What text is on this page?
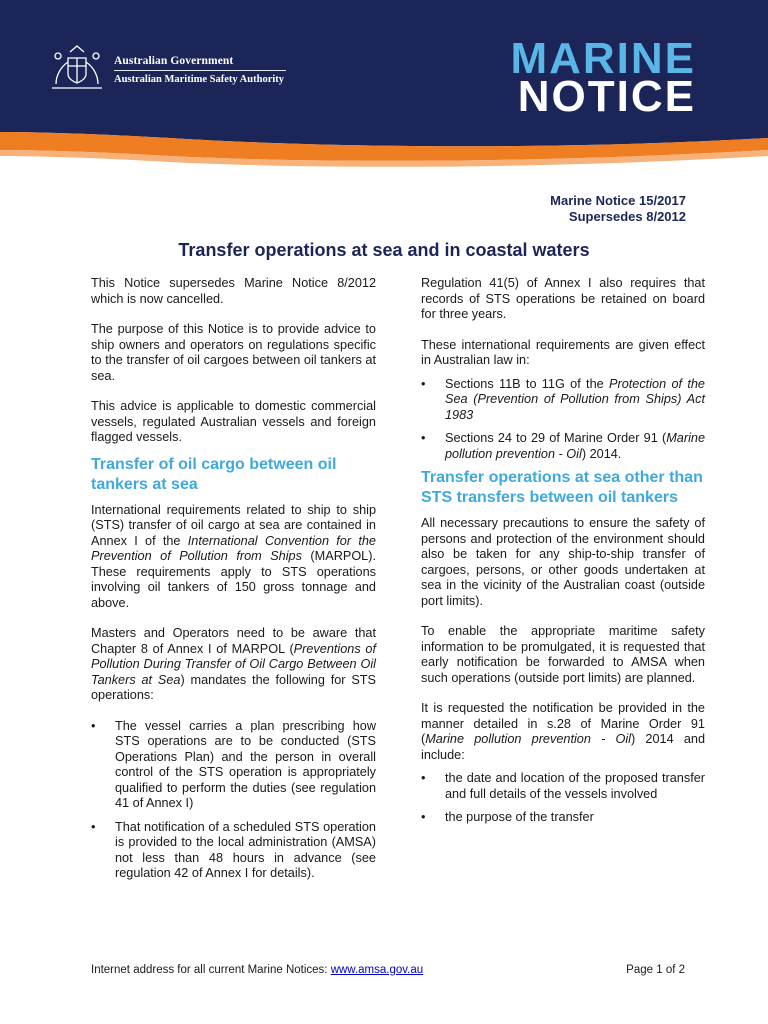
Australian Government
Australian Maritime Safety Authority	MARINE
NOTICE
Marine Notice 15/2017
Supersedes 8/2012
Transfer operations at sea and in coastal waters

This Notice supersedes Marine Notice 8/2012 which is now cancelled.

The purpose of this Notice is to provide advice to ship owners and operators on regulations specific to the transfer of oil cargoes between oil tankers at sea.

This advice is applicable to domestic commercial vessels, regulated Australian vessels and foreign flagged vessels.

Transfer of oil cargo between oil tankers at sea

International requirements related to ship to ship (STS) transfer of oil cargo at sea are contained in Annex I of the International Convention for the Prevention of Pollution from Ships (MARPOL). These requirements apply to STS operations involving oil tankers of 150 gross tonnage and above.

Masters and Operators need to be aware that Chapter 8 of Annex I of MARPOL (Preventions of Pollution During Transfer of Oil Cargo Between Oil Tankers at Sea) mandates the following for STS operations:

• The vessel carries a plan prescribing how STS operations are to be conducted (STS Operations Plan) and the person in overall control of the STS operation is appropriately qualified to perform the duties (see regulation 41 of Annex I)
• That notification of a scheduled STS operation is provided to the local administration (AMSA) not less than 48 hours in advance (see regulation 42 of Annex I for details).

Regulation 41(5) of Annex I also requires that records of STS operations be retained on board for three years.

These international requirements are given effect in Australian law in:

• Sections 11B to 11G of the Protection of the Sea (Prevention of Pollution from Ships) Act 1983
• Sections 24 to 29 of Marine Order 91 (Marine pollution prevention - Oil) 2014.
Transfer operations at sea other than STS transfers between oil tankers

All necessary precautions to ensure the safety of persons and protection of the environment should also be taken for any ship-to-ship transfer of cargoes, persons, or other goods undertaken at sea in the vicinity of the Australian coast (outside port limits).

To enable the appropriate maritime safety information to be promulgated, it is requested that early notification be forwarded to AMSA when such operations (outside port limits) are planned.

It is requested the notification be provided in the manner detailed in s.28 of Marine Order 91 (Marine pollution prevention - Oil) 2014 and include:

• the date and location of the proposed transfer and full details of the vessels involved
• the purpose of the transfer
Internet address for all current Marine Notices: www.amsa.gov.au	Page 1 of 2
